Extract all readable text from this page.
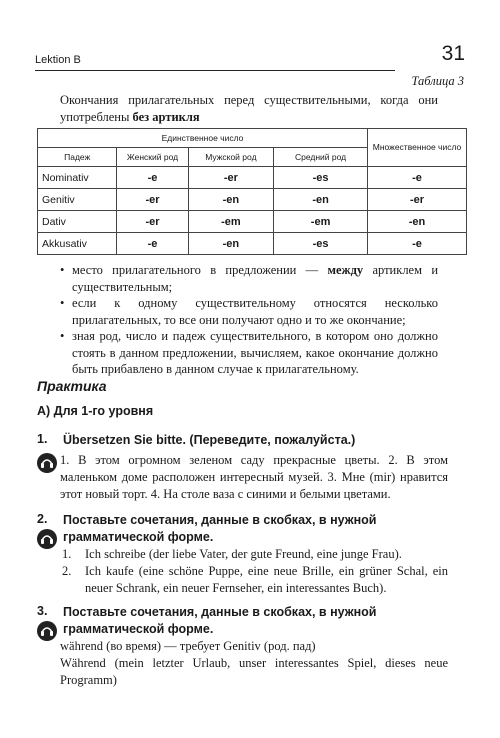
Lektion B	31
Таблица 3
Окончания прилагательных перед существительными, когда они употреблены без артикля
Единственное число				Множественное число
Падеж	Женский род	Мужской род	Средний род	
Nominativ	-e	-er	-es	-e
Genitiv	-er	-en	-en	-er
Dativ	-er	-em	-em	-en
Akkusativ	-e	-en	-es	-e
• место прилагательного в предложении — между артиклем и существительным;
• если к одному существительному относятся несколько прилагательных, то все они получают одно и то же окончание;
• зная род, число и падеж существительного, в котором оно должно стоять в данном предложении, вычисляем, какое окончание должно быть прибавлено в данном случае к прилагательному.
Практика
А) Для 1-го уровня
1. Übersetzen Sie bitte. (Переведите, пожалуйста.)
1. В этом огромном зеленом саду прекрасные цветы. 2. В этом маленьком доме расположен интересный музей. 3. Мне (mir) нравится этот новый торт. 4. На столе ваза с синими и белыми цветами.
2. Поставьте сочетания, данные в скобках, в нужной грамматической форме.
1. Ich schreibe (der liebe Vater, der gute Freund, eine junge Frau).
2. Ich kaufe (eine schöne Puppe, eine neue Brille, ein grüner Schal, ein neuer Schrank, ein neuer Fernseher, ein interessantes Buch).
3. Поставьте сочетания, данные в скобках, в нужной грамматической форме.
während (во время) — требует Genitiv (род. пад)
Während (mein letzter Urlaub, unser interessantes Spiel, dieses neue Programm)
